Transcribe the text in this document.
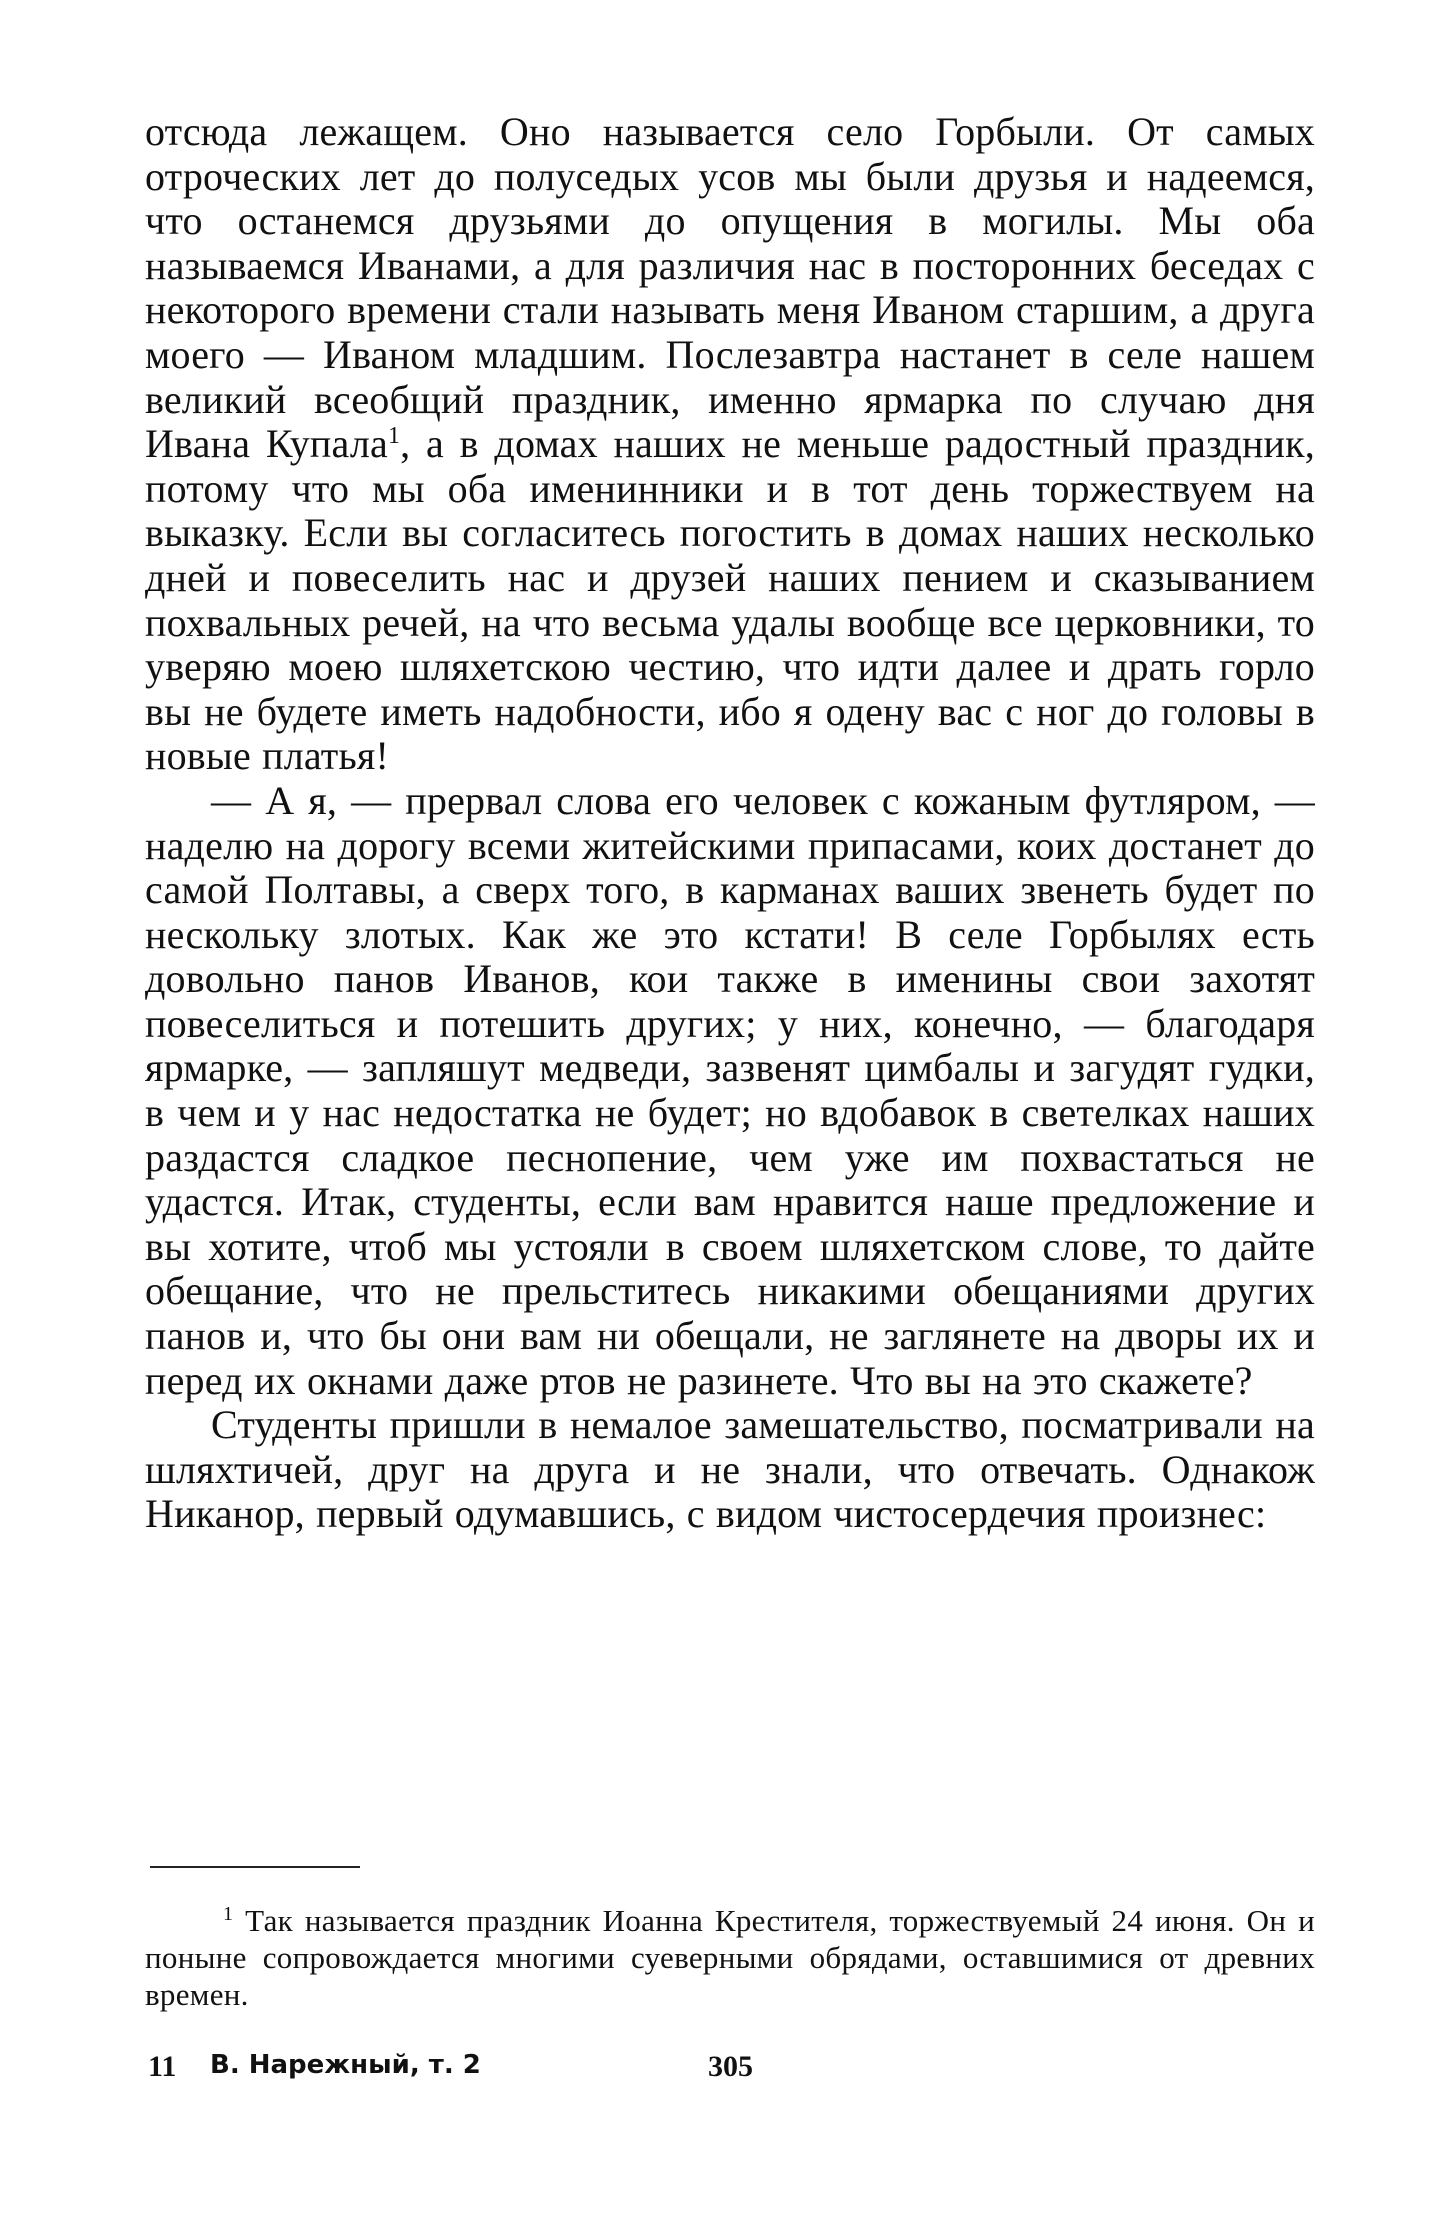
отсюда лежащем. Оно называется село Горбыли. От самых отроческих лет до полуседых усов мы были друзья и надеемся, что останемся друзьями до опущения в могилы. Мы оба называемся Иванами, а для различия нас в посторонних беседах с некоторого времени стали называть меня Иваном старшим, а друга моего — Иваном младшим. Послезавтра настанет в селе нашем великий всеобщий праздник, именно ярмарка по случаю дня Ивана Купала$^1$, а в домах наших не меньше радостный праздник, потому что мы оба именинники и в тот день торжествуем на выказку. Если вы согласитесь погостить в домах наших несколько дней и повеселить нас и друзей наших пением и сказыванием похвальных речей, на что весьма удалы вообще все церковники, то уверяю моею шляхетскою честию, что идти далее и драть горло вы не будете иметь надобности, ибо я одену вас с ног до головы в новые платья!

— А я, — прервал слова его человек с кожаным футляром, — наделю на дорогу всеми житейскими припасами, коих достанет до самой Полтавы, а сверх того, в карманах ваших звенеть будет по нескольку злотых. Как же это кстати! В селе Горбылях есть довольно панов Иванов, кои также в именины свои захотят повеселиться и потешить других; у них, конечно, — благодаря ярмарке, — запляшут медведи, зазвенят цимбалы и загудят гудки, в чем и у нас недостатка не будет; но вдобавок в светелках наших раздастся сладкое песнопение, чем уже им похвастаться не удастся. Итак, студенты, если вам нравится наше предложение и вы хотите, чтоб мы устояли в своем шляхетском слове, то дайте обещание, что не прельститесь никакими обещаниями других панов и, что бы они вам ни обещали, не заглянете на дворы их и перед их окнами даже ртов не разинете. Что вы на это скажете?

Студенты пришли в немалое замешательство, посматривали на шляхтичей, друг на друга и не знали, что отвечать. Однакож Никанор, первый одумавшись, с видом чистосердечия произнес:

$^1$ Так называется праздник Иоанна Крестителя, торжествуемый 24 июня. Он и поныне сопровождается многими суеверными обрядами, оставшимися от древних времен.

11 В. Нарежный, т. 2	305
